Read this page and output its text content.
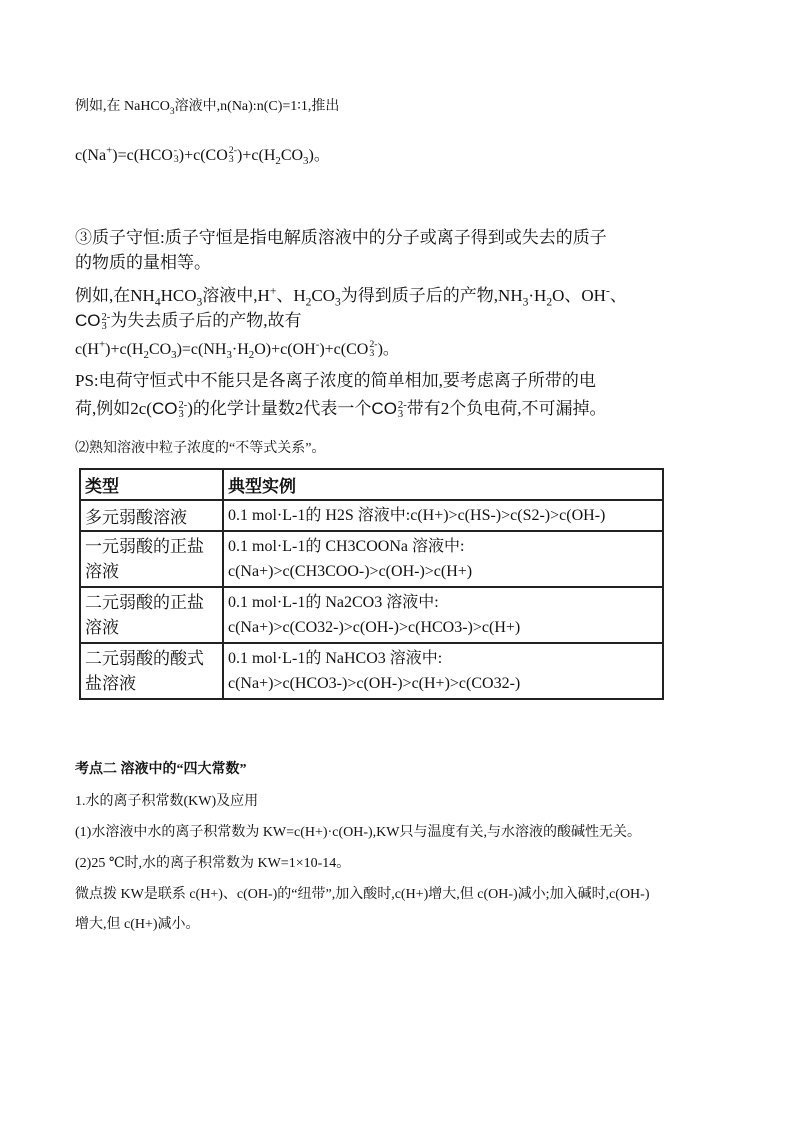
例如,在 NaHCO$_3$溶液中,n(Na):n(C)=1∶1,推出
c(Na+)=c(HCO -
3 )+c(CO 2-
3 )$+c(H_2CO_3)$。
③质子守恒:质子守恒是指电解质溶液中的分子或离子得到或失去的质子
的物质的量相等。
例如,在$NH_4HCO_3$溶液中,H+、$H_2CO_3$为得到质子后的产物$,NH_3\cdot H_2O$、OH-、
CO 2-
3 为失去质子后的产物,故有
$c(H^+)+c(H_2CO_3)=c(NH_3\cdot H_2O)+c(OH^-)+c(CO$ 2-
3 )。
PS:电荷守恒式中不能只是各离子浓度的简单相加,要考虑离子所带的电
荷,例如2c(CO 2-
3 )的化学计量数2代表一个CO 2-
3 带有2个负电荷,不可漏掉。
⑵熟知溶液中粒子浓度的“不等式关系”。
类型	典型实例
多元弱酸溶液	0.1 mol·L-1的 H2S 溶液中:c(H+)>c(HS-)>c(S2-)>c(OH-)

一元弱酸的正盐溶液	0.1 mol·L-1的 CH3COONa 溶液中:
c(Na+)>c(CH3COO-)>c(OH-)>c(H+)

二元弱酸的正盐溶液	0.1 mol·L-1的 Na2CO3 溶液中:
c(Na+)>c(CO32-)>c(OH-)>c(HCO3-)>c(H+)

二元弱酸的酸式盐溶液	0.1 mol·L-1的 NaHCO3 溶液中:
c(Na+)>c(HCO3-)>c(OH-)>c(H+)>c(CO32-)
考点二 溶液中的“四大常数”
1.水的离子积常数(KW)及应用
(1)水溶液中水的离子积常数为 KW=c(H+)·c(OH-),KW只与温度有关,与水溶液的酸碱性无关。
(2)25 ℃时,水的离子积常数为 KW=1×10-14。
微点拨 KW是联系 c(H+)、c(OH-)的“纽带”,加入酸时,c(H+)增大,但 c(OH-)减小;加入碱时,c(OH-)
增大,但 c(H+)减小。
